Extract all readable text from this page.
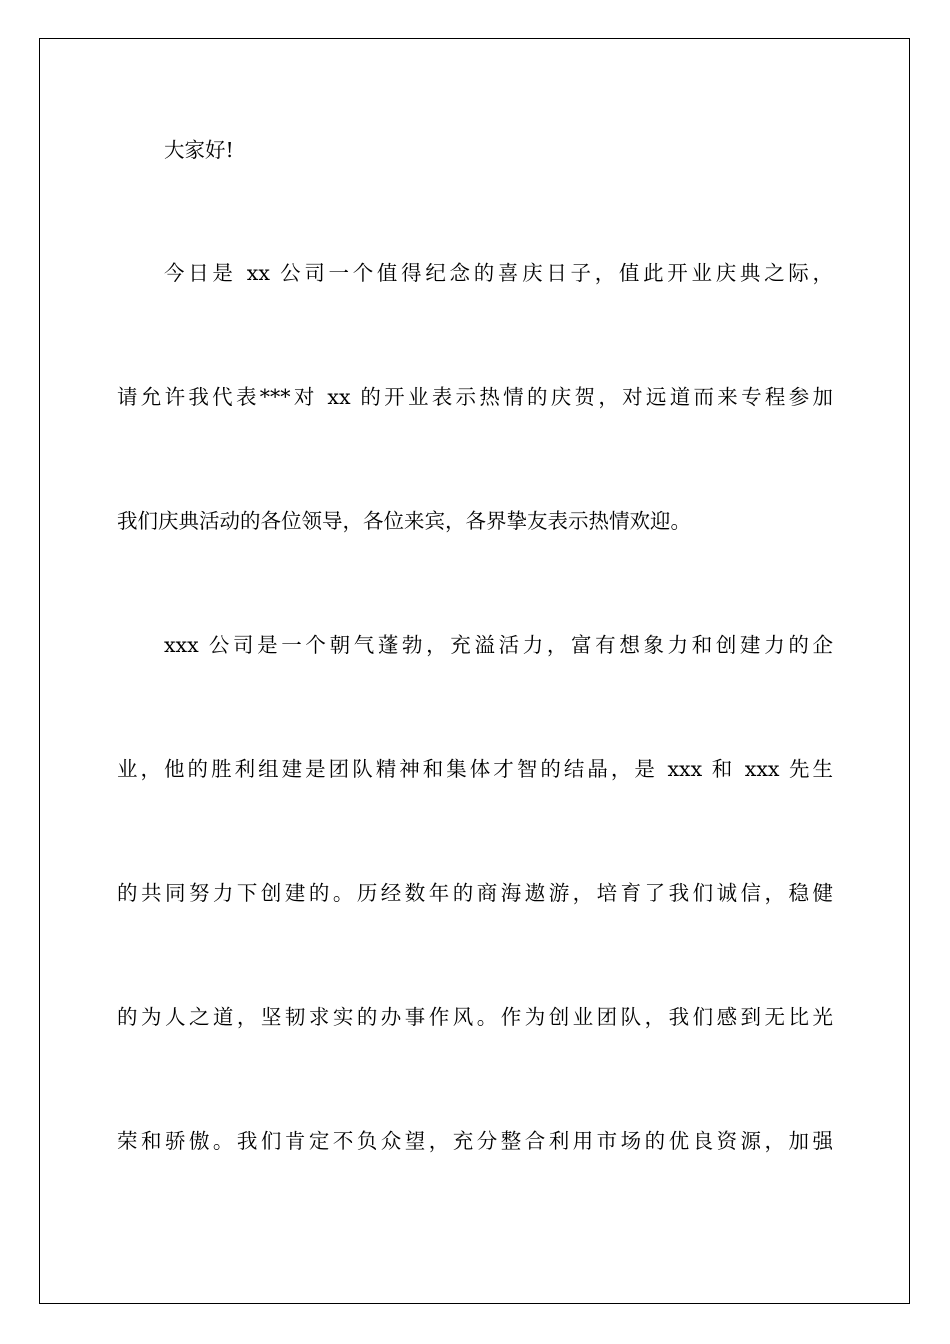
大家好!

今日是 xx 公司一个值得纪念的喜庆日子，值此开业庆典之际，

请允许我代表***对 xx 的开业表示热情的庆贺，对远道而来专程参加

我们庆典活动的各位领导，各位来宾，各界挚友表示热情欢迎。

xxx 公司是一个朝气蓬勃，充溢活力，富有想象力和创建力的企

业，他的胜利组建是团队精神和集体才智的结晶，是 xxx 和 xxx 先生

的共同努力下创建的。历经数年的商海遨游，培育了我们诚信，稳健

的为人之道，坚韧求实的办事作风。作为创业团队，我们感到无比光

荣和骄傲。我们肯定不负众望，充分整合利用市场的优良资源，加强
